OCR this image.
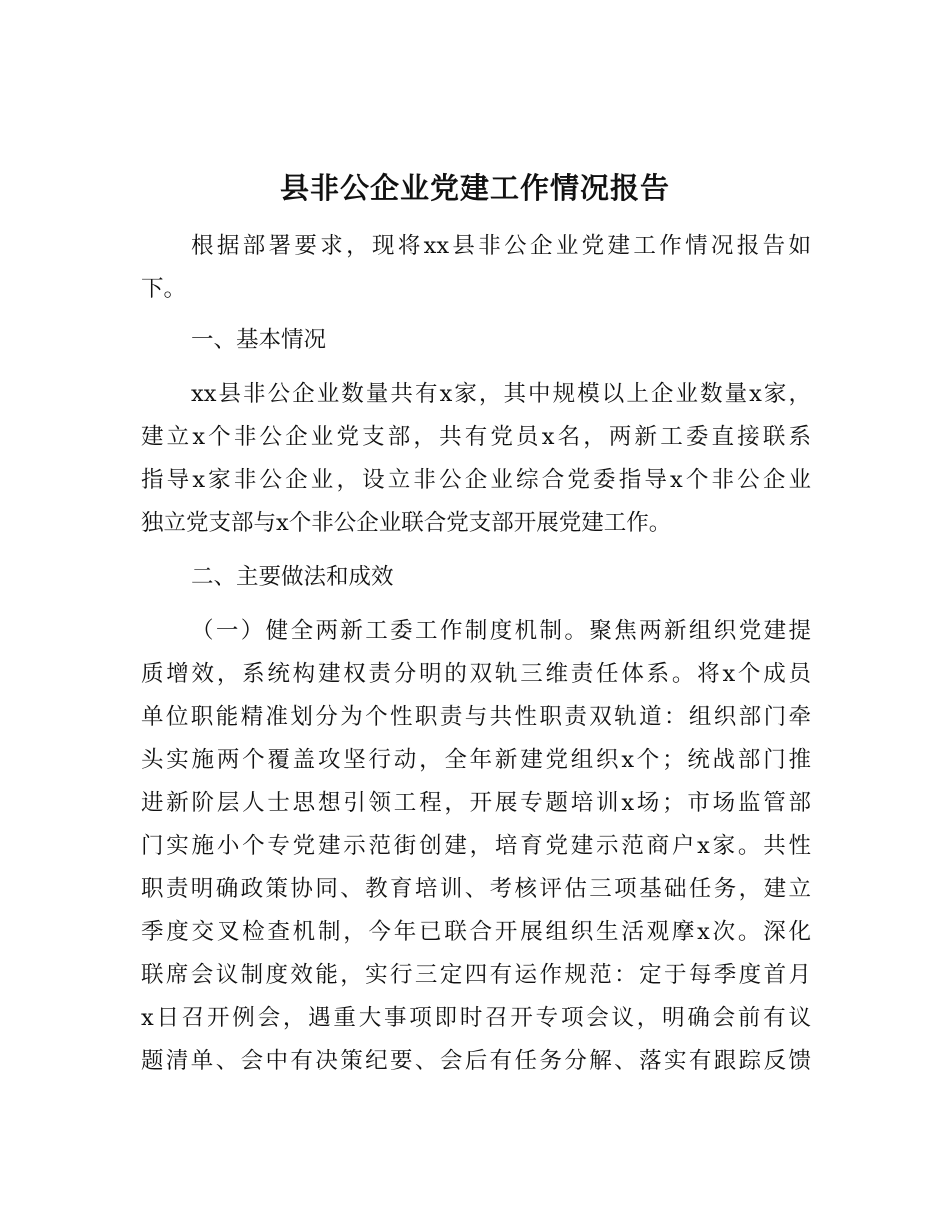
县非公企业党建工作情况报告

根据部署要求，现将xx县非公企业党建工作情况报告如

下。

一、基本情况

xx县非公企业数量共有x家，其中规模以上企业数量x家，

建立x个非公企业党支部，共有党员x名，两新工委直接联系

指导x家非公企业，设立非公企业综合党委指导x个非公企业

独立党支部与x个非公企业联合党支部开展党建工作。

二、主要做法和成效

（一）健全两新工委工作制度机制。聚焦两新组织党建提

质增效，系统构建权责分明的双轨三维责任体系。将x个成员

单位职能精准划分为个性职责与共性职责双轨道：组织部门牵

头实施两个覆盖攻坚行动，全年新建党组织x个；统战部门推

进新阶层人士思想引领工程，开展专题培训x场；市场监管部

门实施小个专党建示范街创建，培育党建示范商户x家。共性

职责明确政策协同、教育培训、考核评估三项基础任务，建立

季度交叉检查机制，今年已联合开展组织生活观摩x次。深化

联席会议制度效能，实行三定四有运作规范：定于每季度首月

x日召开例会，遇重大事项即时召开专项会议，明确会前有议

题清单、会中有决策纪要、会后有任务分解、落实有跟踪反馈
